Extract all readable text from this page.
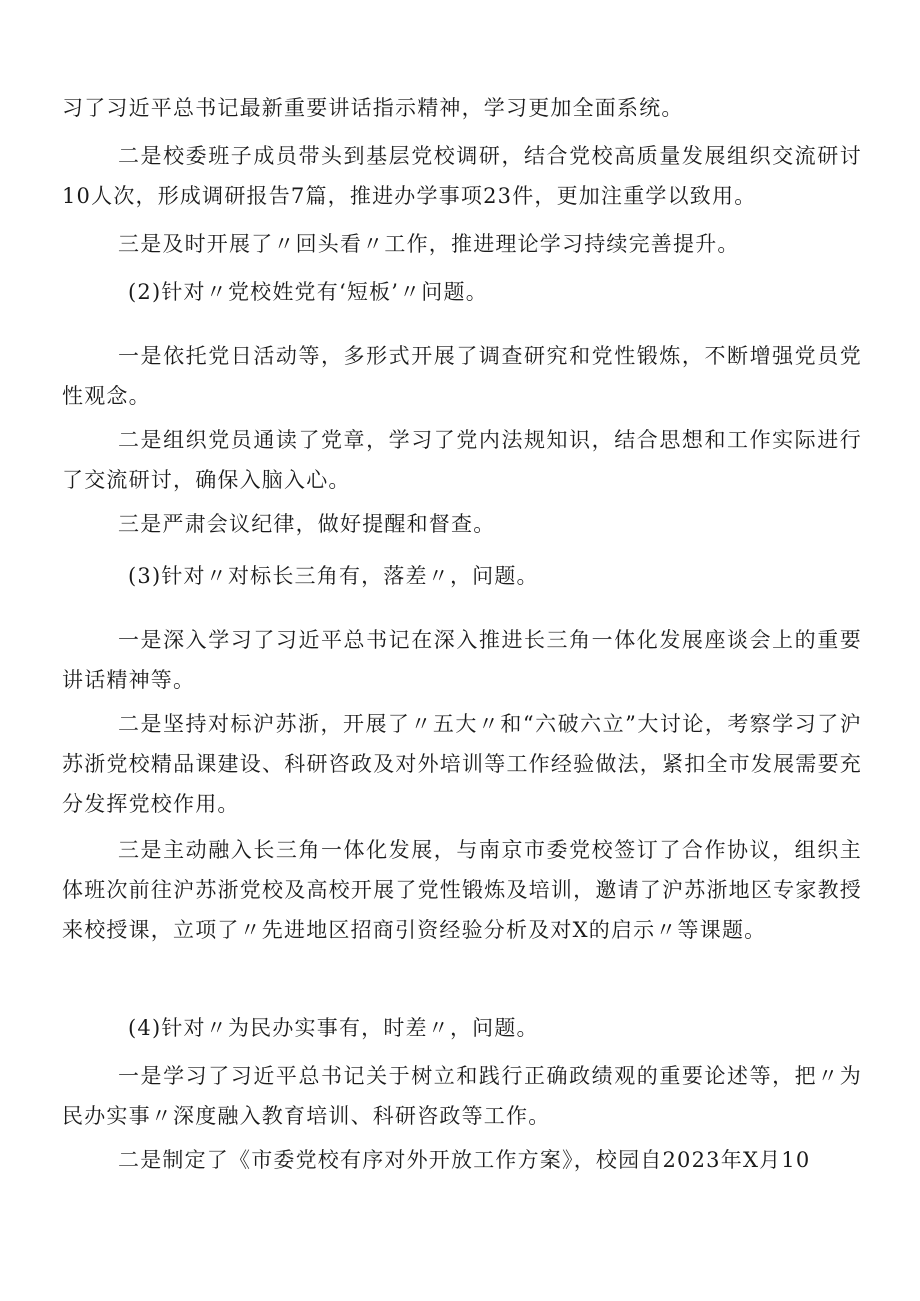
习了习近平总书记最新重要讲话指示精神，学习更加全面系统。

二是校委班子成员带头到基层党校调研，结合党校高质量发展组织交流研讨10人次，形成调研报告7篇，推进办学事项23件，更加注重学以致用。

三是及时开展了〃回头看〃工作，推进理论学习持续完善提升。

(2)针对〃党校姓党有‘短板’〃问题。

一是依托党日活动等，多形式开展了调查研究和党性锻炼，不断增强党员党性观念。

二是组织党员通读了党章，学习了党内法规知识，结合思想和工作实际进行了交流研讨，确保入脑入心。

三是严肃会议纪律，做好提醒和督查。

(3)针对〃对标长三角有，落差〃，问题。

一是深入学习了习近平总书记在深入推进长三角一体化发展座谈会上的重要讲话精神等。

二是坚持对标沪苏浙，开展了〃五大〃和“六破六立”大讨论，考察学习了沪苏浙党校精品课建设、科研咨政及对外培训等工作经验做法，紧扣全市发展需要充分发挥党校作用。

三是主动融入长三角一体化发展，与南京市委党校签订了合作协议，组织主体班次前往沪苏浙党校及高校开展了党性锻炼及培训，邀请了沪苏浙地区专家教授来校授课，立项了〃先进地区招商引资经验分析及对X的启示〃等课题。

(4)针对〃为民办实事有，时差〃，问题。

一是学习了习近平总书记关于树立和践行正确政绩观的重要论述等，把〃为民办实事〃深度融入教育培训、科研咨政等工作。

二是制定了《市委党校有序对外开放工作方案》，校园自2023年X月10
